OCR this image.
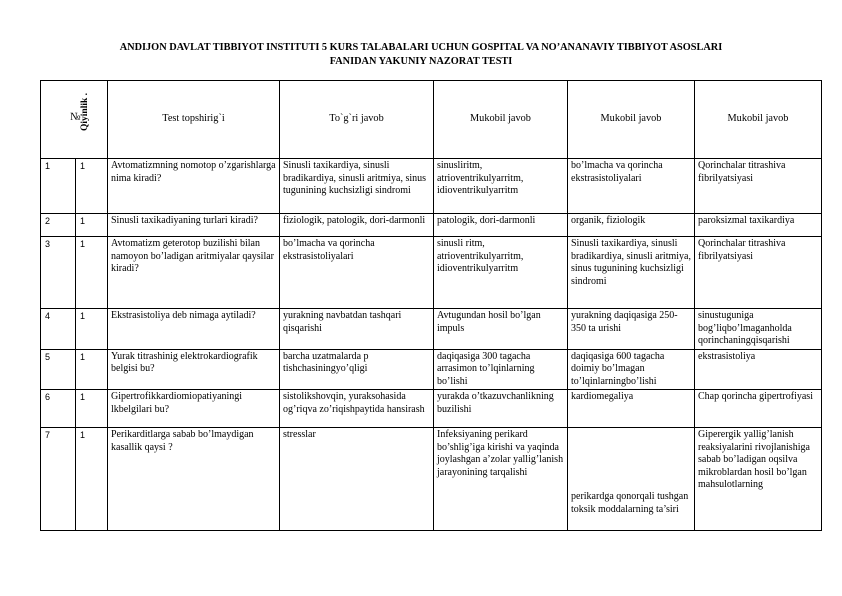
ANDIJON DAVLAT TIBBIYOT INSTITUTI 5 KURS TALABALARI UCHUN GOSPITAL VA NO’ANANAVIY TIBBIYOT ASOSLARI
FANIDAN YAKUNIY NAZORAT TESTI
№ Qiyinlik .		Test topshirig`i	To`g`ri javob	Mukobil javob	Mukobil javob	Mukobil javob
1	1	Avtomatizmning nomotop o’zgarishlarga nima kiradi?	Sinusli taxikardiya, sinusli bradikardiya, sinusli aritmiya, sinus tugunining kuchsizligi sindromi	sinusliritm, atrioventrikulyarritm, idioventrikulyarritm	bo’lmacha va qorincha ekstrasistoliyalari	Qorinchalar titrashiva fibrilyatsiyasi
2	1	Sinusli taxikadiyaning turlari kiradi?	fiziologik, patologik, dori-darmonli	patologik, dori-darmonli	organik, fiziologik	paroksizmal taxikardiya
3	1	Avtomatizm geterotop buzilishi bilan namoyon bo’ladigan aritmiyalar qaysilar kiradi?	bo’lmacha va qorincha ekstrasistoliyalari	sinusli ritm, atrioventrikulyarritm, idioventrikulyarritm	Sinusli taxikardiya, sinusli bradikardiya, sinusli aritmiya, sinus tugunining kuchsizligi sindromi	Qorinchalar titrashiva fibrilyatsiyasi
4	1	Ekstrasistoliya deb nimaga aytiladi?	yurakning navbatdan tashqari qisqarishi	Avtugundan hosil bo’lgan impuls	yurakning daqiqasiga 250-350 ta urishi	sinustuguniga bog’liqbo’lmaganholda qorinchaningqisqarishi
5	1	Yurak titrashinig elektrokardiografik belgisi bu?	barcha uzatmalarda p tishchasiningyo’qligi	daqiqasiga 300 tagacha arrasimon to’lqinlarning bo’lishi	daqiqasiga 600 tagacha doimiy bo’lmagan to’lqinlarningbo’lishi	ekstrasistoliya
6	1	Gipertrofikkardiomiopatiyaningi lkbelgilari bu?	sistolikshovqin, yuraksohasida og’riqva zo’riqishpaytida hansirash	yurakda o’tkazuvchanlikning buzilishi	kardiomegaliya	Chap qorincha gipertrofiyasi
7	1	Perikarditlarga sabab bo’lmaydigan kasallik qaysi ?	stresslar	Infeksiyaning perikard bo’shlig’iga kirishi va yaqinda joylashgan a’zolar yallig’lanish jarayonining tarqalishi	perikardga qonorqali tushgan toksik moddalarning ta’siri	Giperergik yallig’lanish reaksiyalarini rivojlanishiga sabab bo’ladigan oqsilva mikroblardan hosil bo’lgan mahsulotlarning
